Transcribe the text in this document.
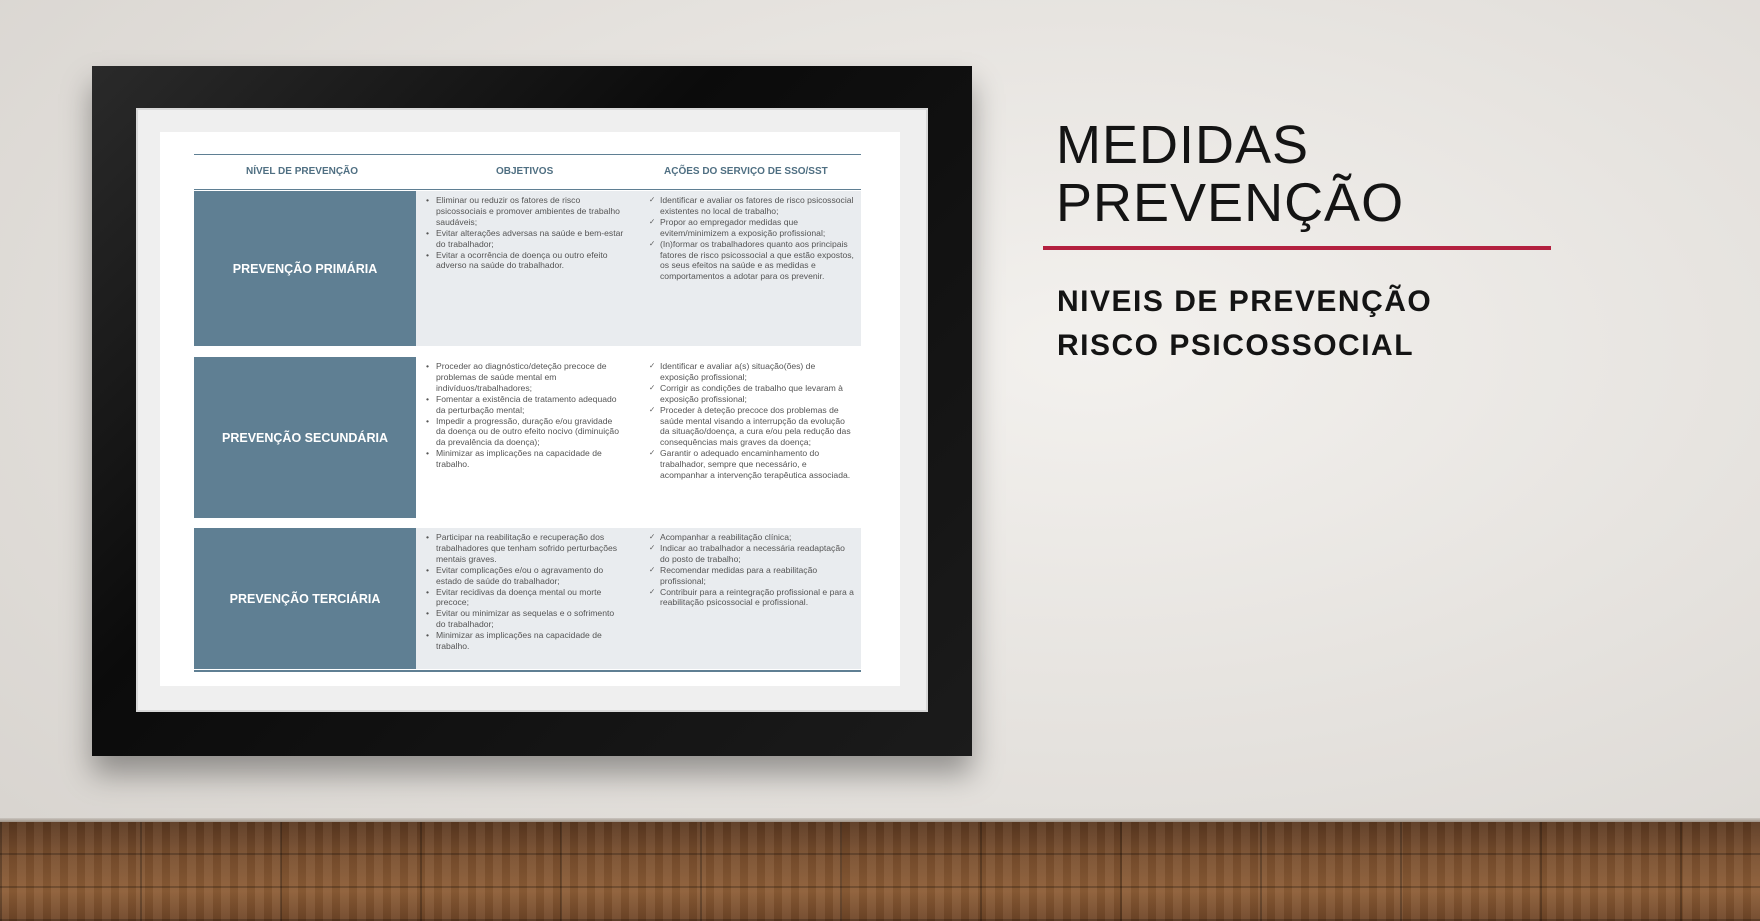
NÍVEL DE PREVENÇÃO	OBJETIVOS	AÇÕES DO SERVIÇO DE SSO/SST
PREVENÇÃO PRIMÁRIA
• Eliminar ou reduzir os fatores de risco psicossociais e promover ambientes de trabalho saudáveis;
• Evitar alterações adversas na saúde e bem-estar do trabalhador;
• Evitar a ocorrência de doença ou outro efeito adverso na saúde do trabalhador.
✓ Identificar e avaliar os fatores de risco psicossocial existentes no local de trabalho;
✓ Propor ao empregador medidas que evitem/minimizem a exposição profissional;
✓ (In)formar os trabalhadores quanto aos principais fatores de risco psicossocial a que estão expostos, os seus efeitos na saúde e as medidas e comportamentos a adotar para os prevenir.
PREVENÇÃO SECUNDÁRIA
• Proceder ao diagnóstico/deteção precoce de problemas de saúde mental em indivíduos/trabalhadores;
• Fomentar a existência de tratamento adequado da perturbação mental;
• Impedir a progressão, duração e/ou gravidade da doença ou de outro efeito nocivo (diminuição da prevalência da doença);
• Minimizar as implicações na capacidade de trabalho.
✓ Identificar e avaliar a(s) situação(ões) de exposição profissional;
✓ Corrigir as condições de trabalho que levaram à exposição profissional;
✓ Proceder à deteção precoce dos problemas de saúde mental visando a interrupção da evolução da situação/doença, a cura e/ou pela redução das consequências mais graves da doença;
✓ Garantir o adequado encaminhamento do trabalhador, sempre que necessário, e acompanhar a intervenção terapêutica associada.
PREVENÇÃO TERCIÁRIA
• Participar na reabilitação e recuperação dos trabalhadores que tenham sofrido perturbações mentais graves.
• Evitar complicações e/ou o agravamento do estado de saúde do trabalhador;
• Evitar recidivas da doença mental ou morte precoce;
• Evitar ou minimizar as sequelas e o sofrimento do trabalhador;
• Minimizar as implicações na capacidade de trabalho.
✓ Acompanhar a reabilitação clínica;
✓ Indicar ao trabalhador a necessária readaptação do posto de trabalho;
✓ Recomendar medidas para a reabilitação profissional;
✓ Contribuir para a reintegração profissional e para a reabilitação psicossocial e profissional.
MEDIDAS
PREVENÇÃO
NIVEIS DE PREVENÇÃO
RISCO PSICOSSOCIAL
